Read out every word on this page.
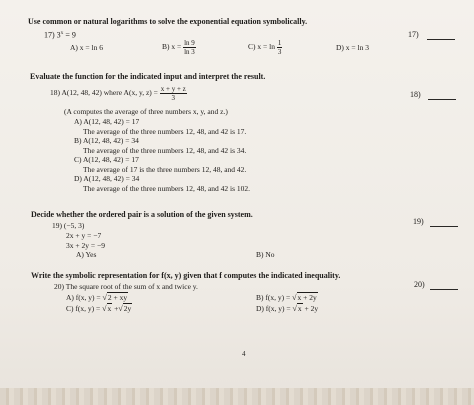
Use common or natural logarithms to solve the exponential equation symbolically.
17) $3^x = 9$	17)
A) x = ln 6	B) $x = \frac{\ln 9}{\ln 3}$	C) $x = \ln \frac{1}{3}$	D) x = ln 3
Evaluate the function for the indicated input and interpret the result.
18) A(12, 48, 42) where A(x, y, $z) = \frac{x + y + z}{3}$	18)
(A computes the average of three numbers x, y, and z.)
A) A(12, 48, 42) = 17
The average of the three numbers 12, 48, and 42 is 17.
B) A(12, 48, 42) = 34
The average of the three numbers 12, 48, and 42 is 34.
C) A(12, 48, 42) = 17
The average of 17 is the three numbers 12, 48, and 42.
D) A(12, 48, 42) = 34
The average of the three numbers 12, 48, and 42 is 102.
Decide whether the ordered pair is a solution of the given system.
19) (−5, 3)	19)
2x + y = −7
3x + 2y = −9
A) Yes	B) No
Write the symbolic representation for f(x, y) given that f computes the indicated inequality.
20) The square root of the sum of x and twice y.	20)
A) f(x, y) = √2 + xy	B) f(x, y) = √x + 2y
C) f(x, y) = √x +√2y	D) f(x, y) = √x + 2y
4
